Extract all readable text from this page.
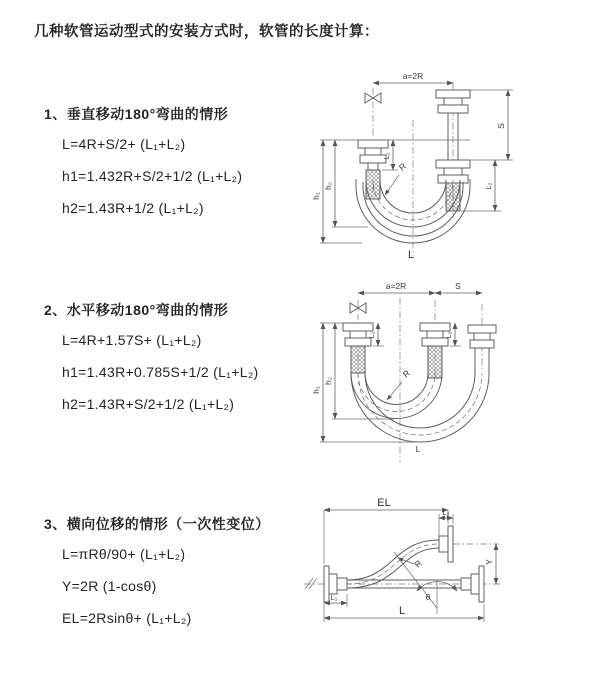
几种软管运动型式的安装方式时，软管的长度计算：
1、垂直移动180°弯曲的情形
L=4R+S/2+ (L₁+L₂)
h1=1.432R+S/2+1/2 (L₁+L₂)
h2=1.43R+1/2 (L₁+L₂)
a=2R
R
h₁
h₂
L₁
S
L₂
L
2、水平移动180°弯曲的情形
L=4R+1.57S+ (L₁+L₂)
h1=1.43R+0.785S+1/2 (L₁+L₂)
h2=1.43R+S/2+1/2 (L₁+L₂)
a=2R	S
R
h₁
h₂
L₁	L₂
L
3、横向位移的情形（一次性变位）
L=πRθ/90+ (L₁+L₂)
Y=2R (1-cosθ)
EL=2Rsinθ+ (L₁+L₂)
EL
L₂
Y
θ
R
L₁
L
